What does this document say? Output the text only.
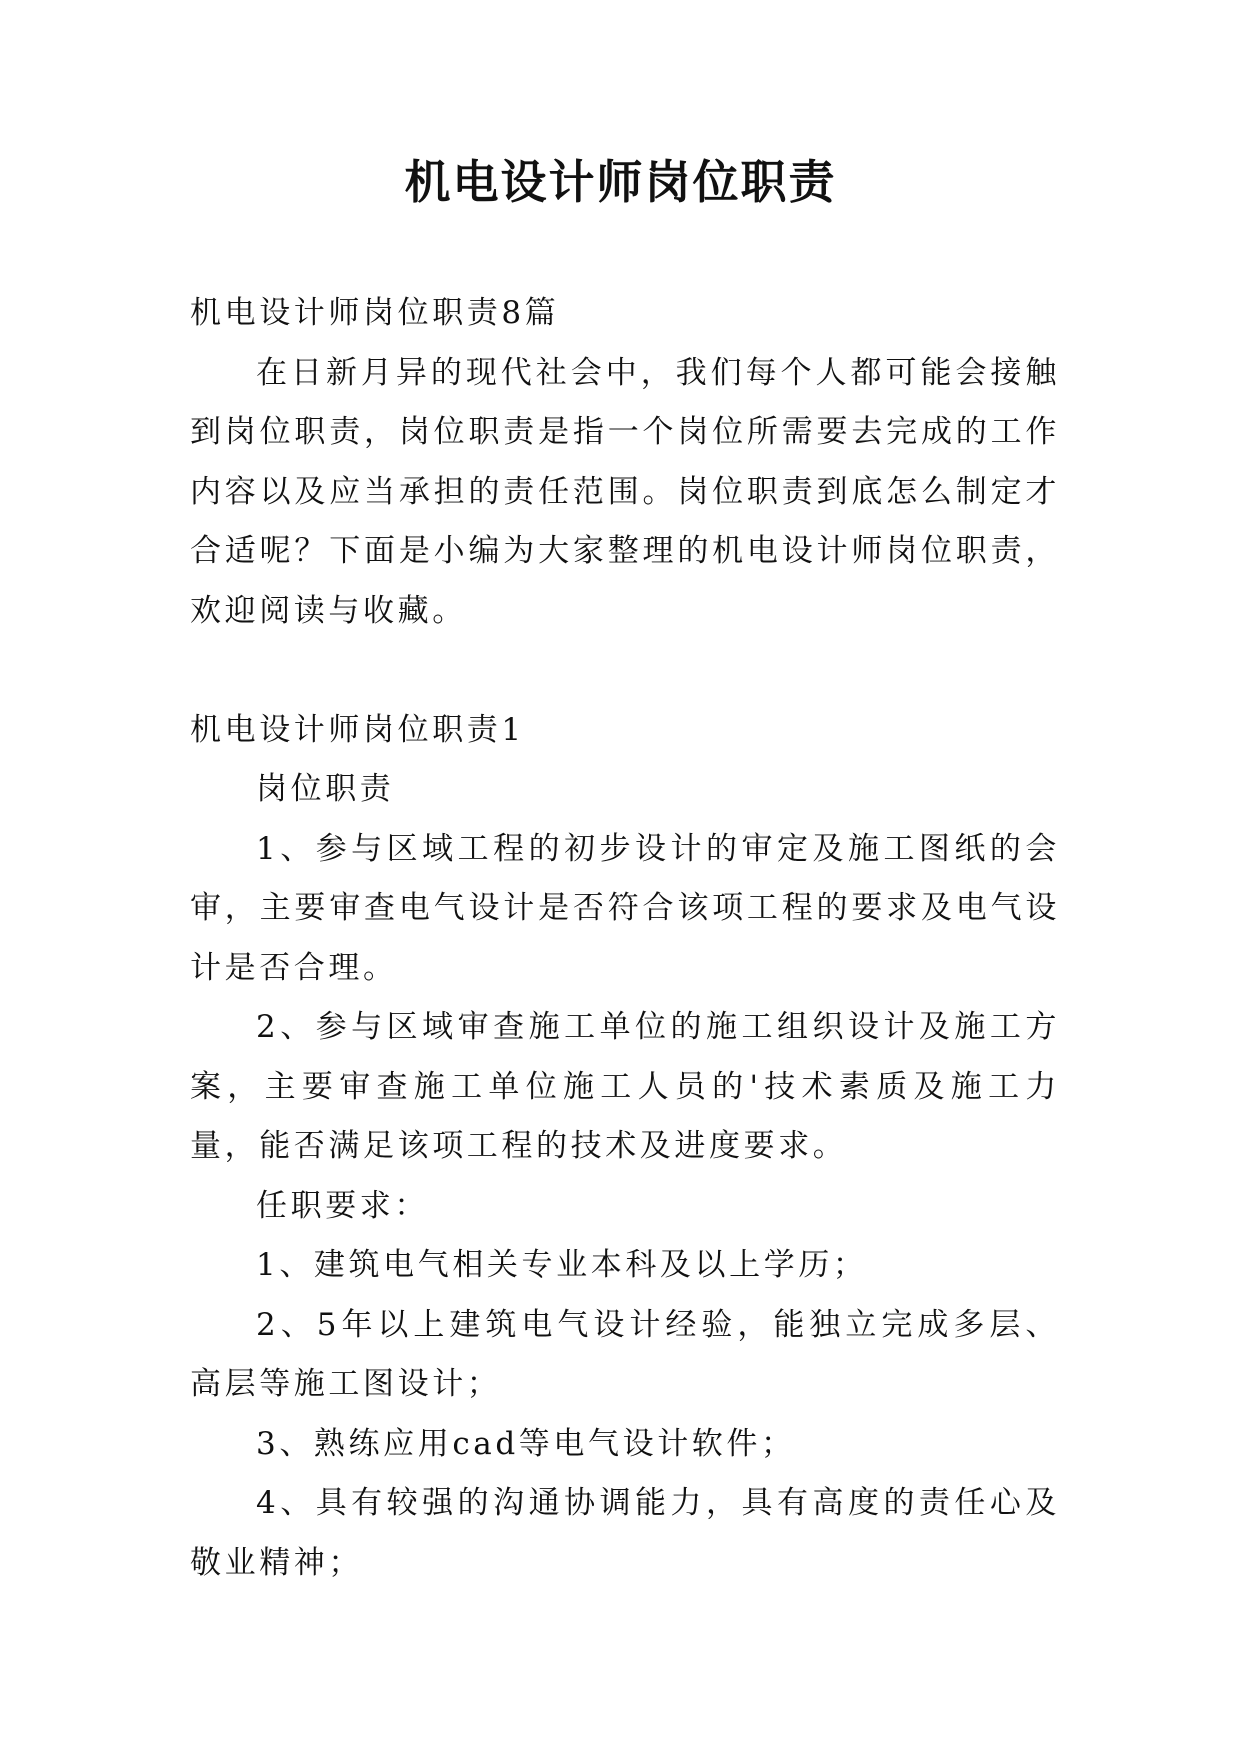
机电设计师岗位职责

机电设计师岗位职责8篇

在日新月异的现代社会中，我们每个人都可能会接触到岗位职责，岗位职责是指一个岗位所需要去完成的工作内容以及应当承担的责任范围。岗位职责到底怎么制定才合适呢？下面是小编为大家整理的机电设计师岗位职责，欢迎阅读与收藏。

机电设计师岗位职责1

岗位职责

1、参与区域工程的初步设计的审定及施工图纸的会审，主要审查电气设计是否符合该项工程的要求及电气设计是否合理。

2、参与区域审查施工单位的施工组织设计及施工方案，主要审查施工单位施工人员的'技术素质及施工力量，能否满足该项工程的技术及进度要求。

任职要求：

1、建筑电气相关专业本科及以上学历；

2、5年以上建筑电气设计经验，能独立完成多层、高层等施工图设计；

3、熟练应用cad等电气设计软件；

4、具有较强的沟通协调能力，具有高度的责任心及敬业精神；
